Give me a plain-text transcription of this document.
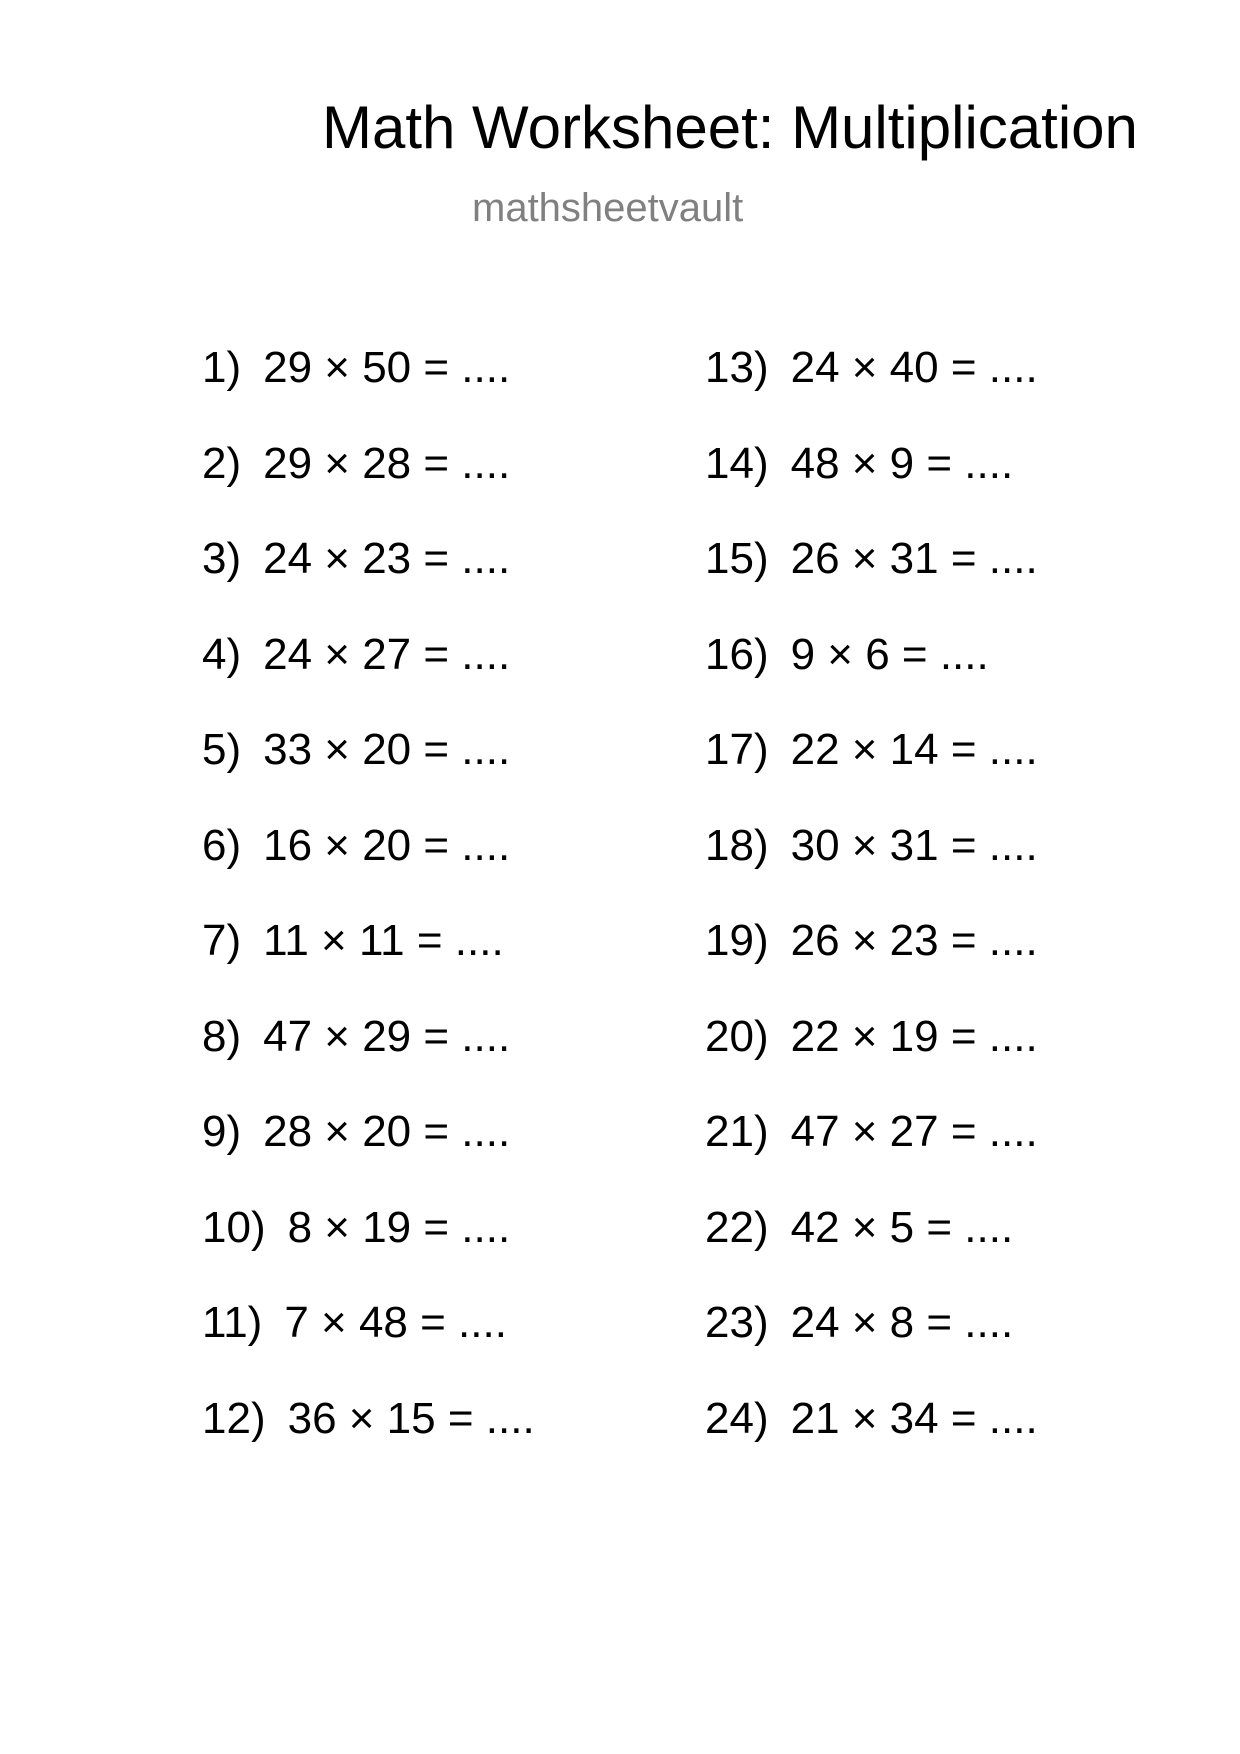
Math Worksheet: Multiplication
mathsheetvault
1) 29 × 50 = ....
2) 29 × 28 = ....
3) 24 × 23 = ....
4) 24 × 27 = ....
5) 33 × 20 = ....
6) 16 × 20 = ....
7) 11 × 11 = ....
8) 47 × 29 = ....
9) 28 × 20 = ....
10) 8 × 19 = ....
11) 7 × 48 = ....
12) 36 × 15 = ....
13) 24 × 40 = ....
14) 48 × 9 = ....
15) 26 × 31 = ....
16) 9 × 6 = ....
17) 22 × 14 = ....
18) 30 × 31 = ....
19) 26 × 23 = ....
20) 22 × 19 = ....
21) 47 × 27 = ....
22) 42 × 5 = ....
23) 24 × 8 = ....
24) 21 × 34 = ....
